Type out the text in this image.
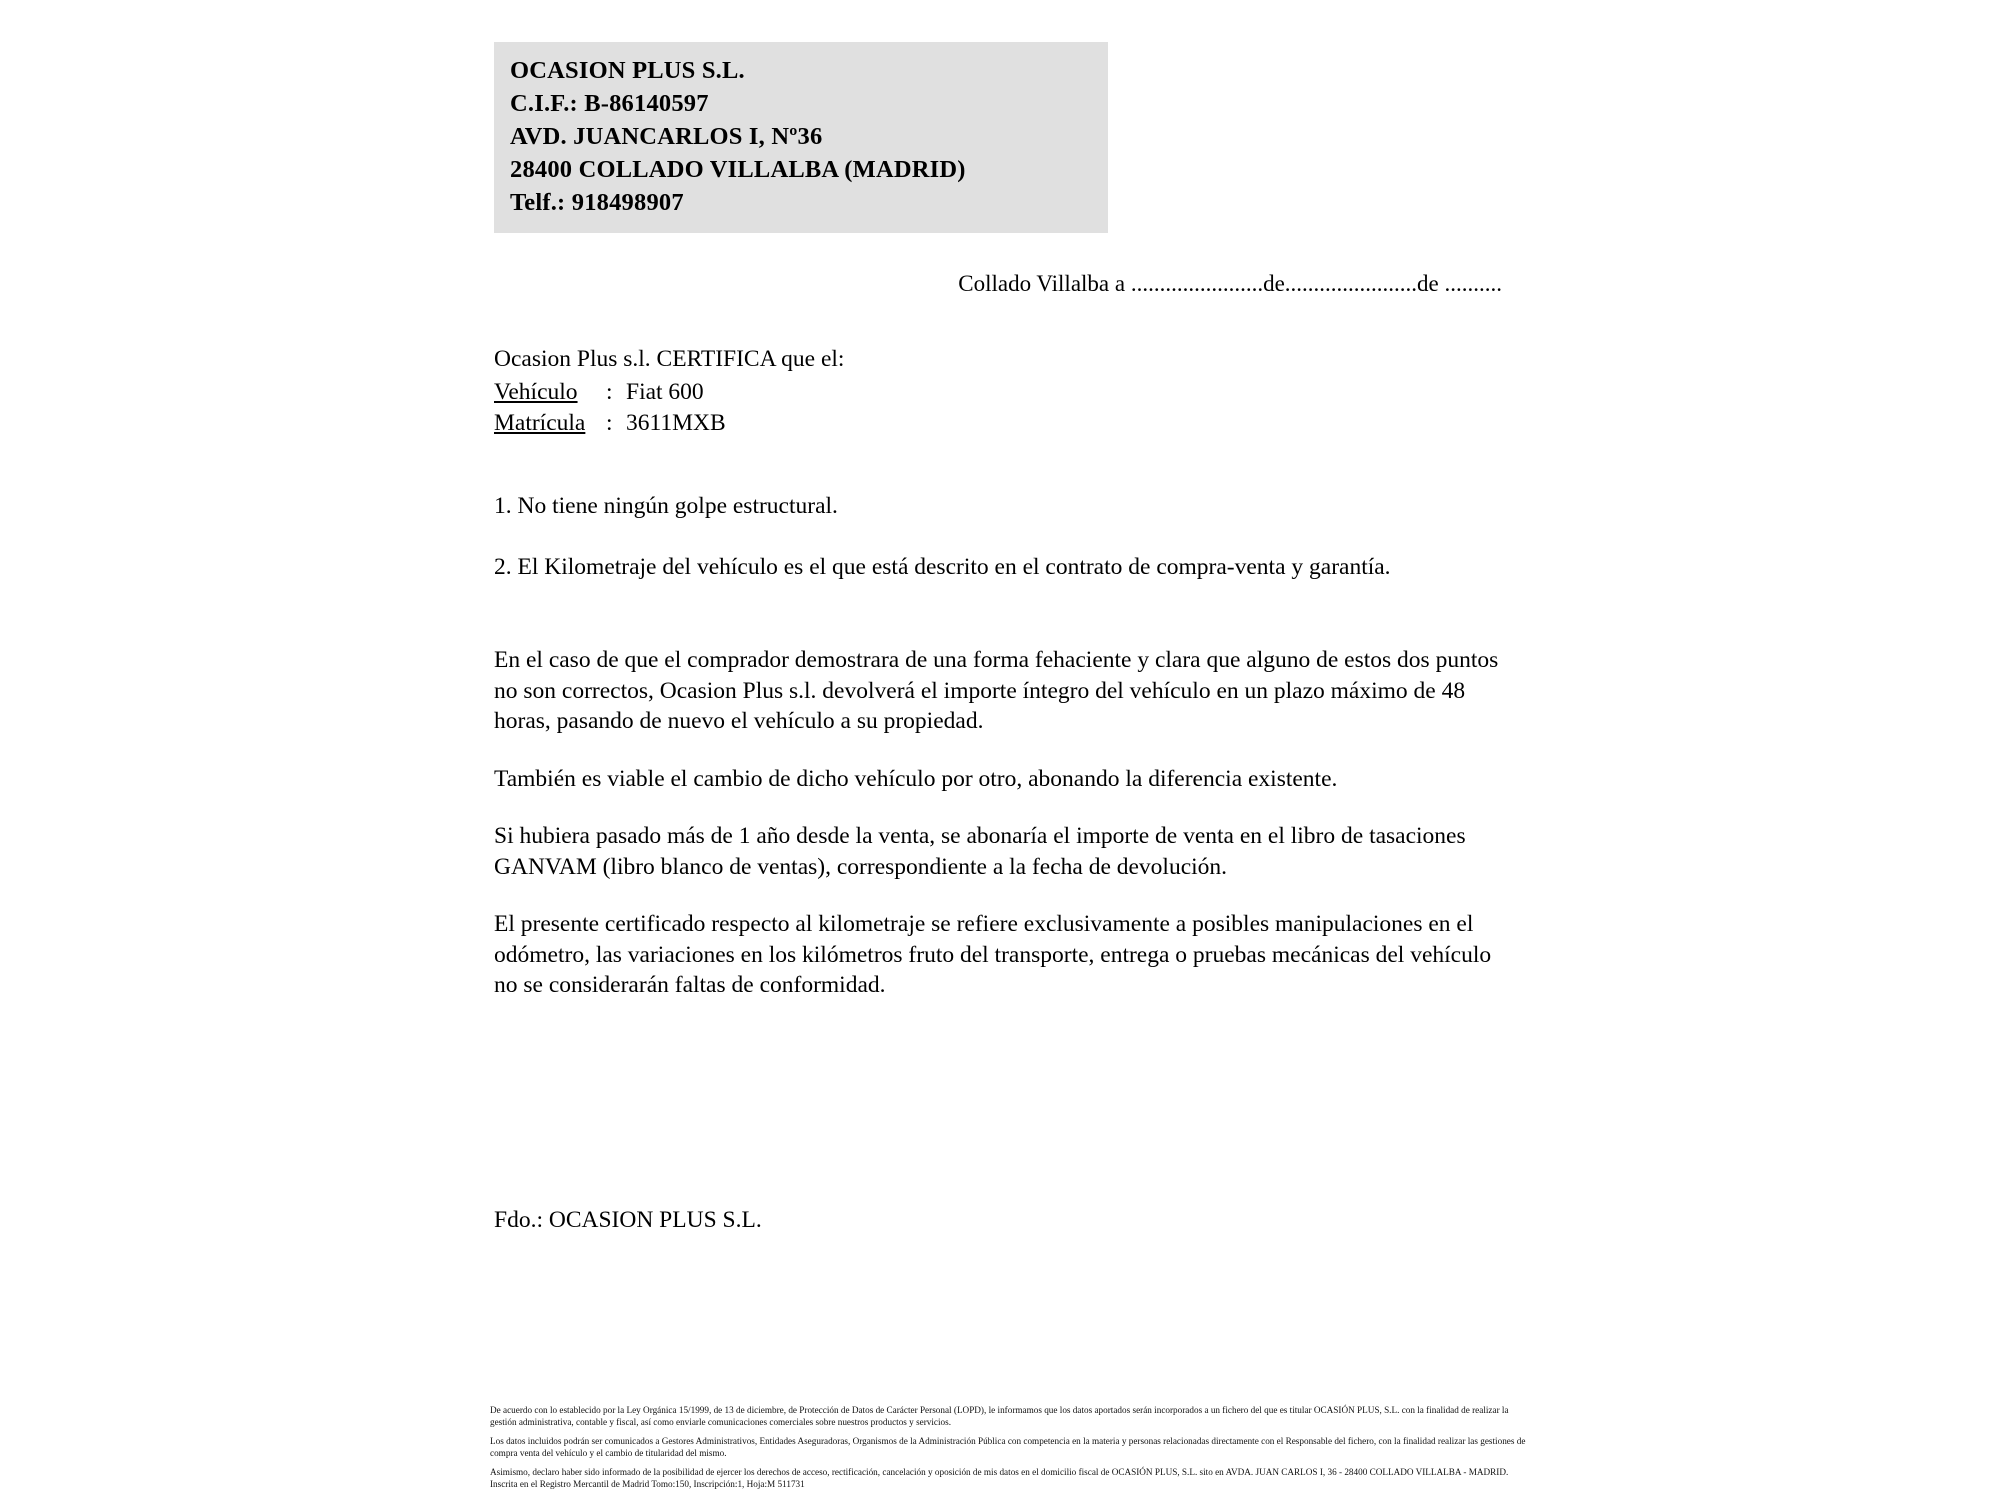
OCASION PLUS S.L.
C.I.F.: B-86140597
AVD. JUANCARLOS I, Nº36
28400 COLLADO VILLALBA (MADRID)
Telf.: 918498907
Collado Villalba a .......................de.......................de ..........
Ocasion Plus s.l. CERTIFICA que el:
Vehículo : Fiat 600
Matrícula : 3611MXB
1. No tiene ningún golpe estructural.
2. El Kilometraje del vehículo es el que está descrito en el contrato de compra-venta y garantía.
En el caso de que el comprador demostrara de una forma fehaciente y clara que alguno de estos dos puntos no son correctos, Ocasion Plus s.l. devolverá el importe íntegro del vehículo en un plazo máximo de 48 horas, pasando de nuevo el vehículo a su propiedad.
También es viable el cambio de dicho vehículo por otro, abonando la diferencia existente.
Si hubiera pasado más de 1 año desde la venta, se abonaría el importe de venta en el libro de tasaciones GANVAM (libro blanco de ventas), correspondiente a la fecha de devolución.
El presente certificado respecto al kilometraje se refiere exclusivamente a posibles manipulaciones en el odómetro, las variaciones en los kilómetros fruto del transporte, entrega o pruebas mecánicas del vehículo no se considerarán faltas de conformidad.
Fdo.: OCASION PLUS S.L.

De acuerdo con lo establecido por la Ley Orgánica 15/1999, de 13 de diciembre, de Protección de Datos de Carácter Personal (LOPD), le informamos que los datos aportados serán incorporados a un fichero del que es titular OCASIÓN PLUS, S.L. con la finalidad de realizar la gestión administrativa, contable y fiscal, así como enviarle comunicaciones comerciales sobre nuestros productos y servicios.

Los datos incluidos podrán ser comunicados a Gestores Administrativos, Entidades Aseguradoras, Organismos de la Administración Pública con competencia en la materia y personas relacionadas directamente con el Responsable del fichero, con la finalidad realizar las gestiones de compra venta del vehículo y el cambio de titularidad del mismo.

Asimismo, declaro haber sido informado de la posibilidad de ejercer los derechos de acceso, rectificación, cancelación y oposición de mis datos en el domicilio fiscal de OCASIÓN PLUS, S.L. sito en AVDA. JUAN CARLOS I, 36 - 28400 COLLADO VILLALBA - MADRID. Inscrita en el Registro Mercantil de Madrid Tomo:150, Inscripción:1, Hoja:M 511731
